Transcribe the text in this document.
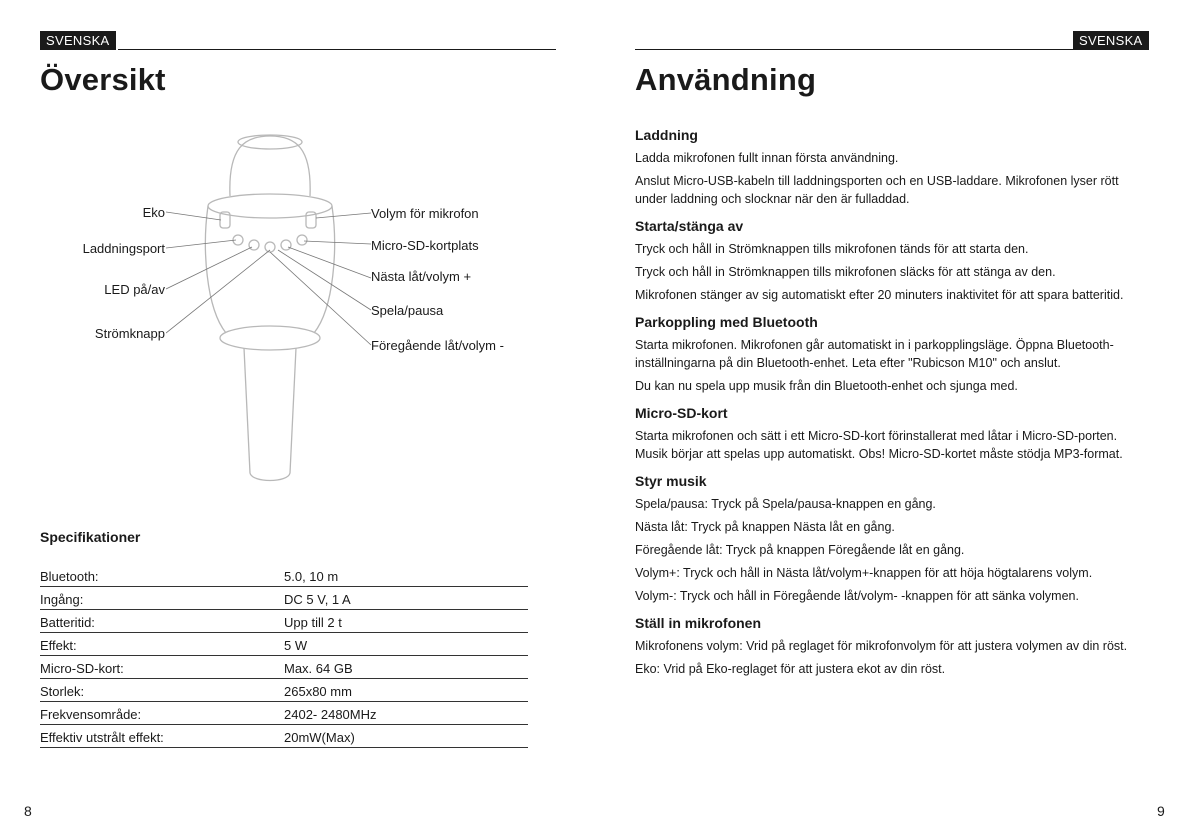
SVENSKA
Översikt
Eko
Laddningsport
LED på/av
Strömknapp
Volym för mikrofon
Micro-SD-kortplats
Nästa låt/volym +
Spela/pausa
Föregående låt/volym -
Specifikationer
Bluetooth:	5.0, 10 m
Ingång:	DC 5 V, 1 A
Batteritid:	Upp till 2 t
Effekt:	5 W
Micro-SD-kort:	Max. 64 GB
Storlek:	265x80 mm
Frekvensområde:	2402- 2480MHz
Effektiv utstrålt effekt:	20mW(Max)
8
SVENSKA
Användning
Laddning
Ladda mikrofonen fullt innan första användning.
Anslut Micro-USB-kabeln till laddningsporten och en USB-laddare. Mikrofonen lyser rött under laddning och slocknar när den är fulladdad.
Starta/stänga av
Tryck och håll in Strömknappen tills mikrofonen tänds för att starta den.
Tryck och håll in Strömknappen tills mikrofonen släcks för att stänga av den.
Mikrofonen stänger av sig automatiskt efter 20 minuters inaktivitet för att spara batteritid.
Parkoppling med Bluetooth
Starta mikrofonen. Mikrofonen går automatiskt in i parkopplingsläge. Öppna Bluetooth-inställningarna på din Bluetooth-enhet. Leta efter "Rubicson M10" och anslut.
Du kan nu spela upp musik från din Bluetooth-enhet och sjunga med.
Micro-SD-kort
Starta mikrofonen och sätt i ett Micro-SD-kort förinstallerat med låtar i Micro-SD-porten. Musik börjar att spelas upp automatiskt. Obs! Micro-SD-kortet måste stödja MP3-format.
Styr musik
Spela/pausa: Tryck på Spela/pausa-knappen en gång.
Nästa låt: Tryck på knappen Nästa låt en gång.
Föregående låt: Tryck på knappen Föregående låt en gång.
Volym+: Tryck och håll in Nästa låt/volym+-knappen för att höja högtalarens volym.
Volym-: Tryck och håll in Föregående låt/volym- -knappen för att sänka volymen.
Ställ in mikrofonen
Mikrofonens volym: Vrid på reglaget för mikrofonvolym för att justera volymen av din röst.
Eko: Vrid på Eko-reglaget för att justera ekot av din röst.
9
